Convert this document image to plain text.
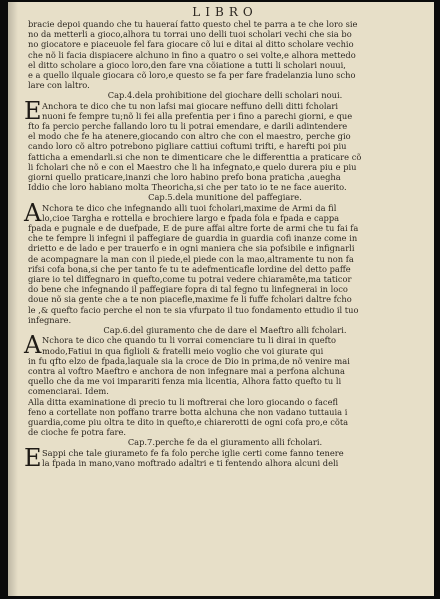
LIBRO
bracie depoi quando che tu haueraí fatto questo chel te parra a te che loro sie
no da metterli a gioco,alhora tu torrai uno delli tuoi scholari vechi che sia bo
no giocatore e piaceuole fel fara giocare cõ lui e ditai al ditto scholare vechio
che nõ li facia dispiacere alchuno in fino a quatro o sei volte,e alhora mettedo
el ditto scholare a gioco loro,den fare vna cõiatione a tutti li scholari nouui,
e a quello ilquale giocara cõ loro,e questo se fa per fare fradelanzia luno scho
lare con laltro.
Cap.4.dela prohibitione del giochare delli scholari noui.
E Anchora te dico che tu non lafsi mai giocare neffuno delli ditti fcholari
nuoni fe fempre tu;nõ li fei alla prefentia per i fino a parechi giorni, e que
fto fa percio perche fallando loro tu li potrai emendare, e darili adintendere
el modo che fe ha atenere,giocando con altro che con el maestro, perche gio
cando loro cõ altro potrebono pigliare cattiui coftumi trifti, e harefti poi piu
fatticha a emendarli.si che non te dimenticare che le differenttia a praticare cõ
li fcholari che nõ e con el Maestro che li ha infegnato,e quelo durera piu e piu
giorni quello praticare,inanzi che loro habino prefo bona praticha ,auegha
Iddio che loro habiano molta Theoricha,si che per tato io te ne face auerito.
Cap.5.dela munitione del paffegiare.
A Nchora te dico che infegnando alli tuoi fcholari,maxime de Armi da fil
lo,cioe Targha e rottella e brochiere largo e fpada fola e fpada e cappa
fpada e pugnale e de duefpade, E de pure affai altre forte de armi che tu fai fa
che te fempre li infegni il paffegiare de guardia in guardia cofi inanze come in
drietto e de lado e per trauerfo e in ogni maniera che sia pofsibile e infignarli
de acompagnare la man con il piede,el piede con la mao,altramente tu non fa
rifsi cofa bona,si che per tanto fe tu te adefmenticafle lordine del detto paffe
giare io tel diffegnaro in quefto,come tu potrai vedere chiaramête,ma taticor
do bene che infegnando il paffegiare fopra di tal fegno tu linfegnerai in loco
doue nõ sia gente che a te non piacefle,maxime fe li fuffe fcholari daltre fcho
le ,& quefto facio perche el non te sia vfurpato il tuo fondamento ettudio il tuo
infegnare.
Cap.6.del giuramento che de dare el Maeftro alli fcholari.
A Nchora te dico che quando tu li vorrai comenciare tu li dirai in quefto
modo,Fatiui in qua figlioli & fratelli meio voglio che voi giurate qui
in fu qfto elzo de fpada,laquale sia la croce de Dio in prima,de nõ venire mai
contra al voftro Maeftro e anchora de non infegnare mai a perfona alchuna
quello che da me voi imparariti fenza mia licentia, Alhora fatto quefto tu li
comenciarai. Idem.
Alla ditta examinatione di precio tu li moftrerai che loro giocando o facefl
feno a cortellate non poffano trarre botta alchuna che non vadano tuttauia i
guardia,come piu oltra te dito in quefto,e chiarerotti de ogni cofa pro,e cõta
de cioche fe potra fare.
Cap.7.perche fe da el giuramento alli fcholari.
E Sappi che tale giurameto fe fa folo perche iglie certi come fanno tenere
la fpada in mano,vano moftrado adaltri e ti fentendo alhora alcuni deli
